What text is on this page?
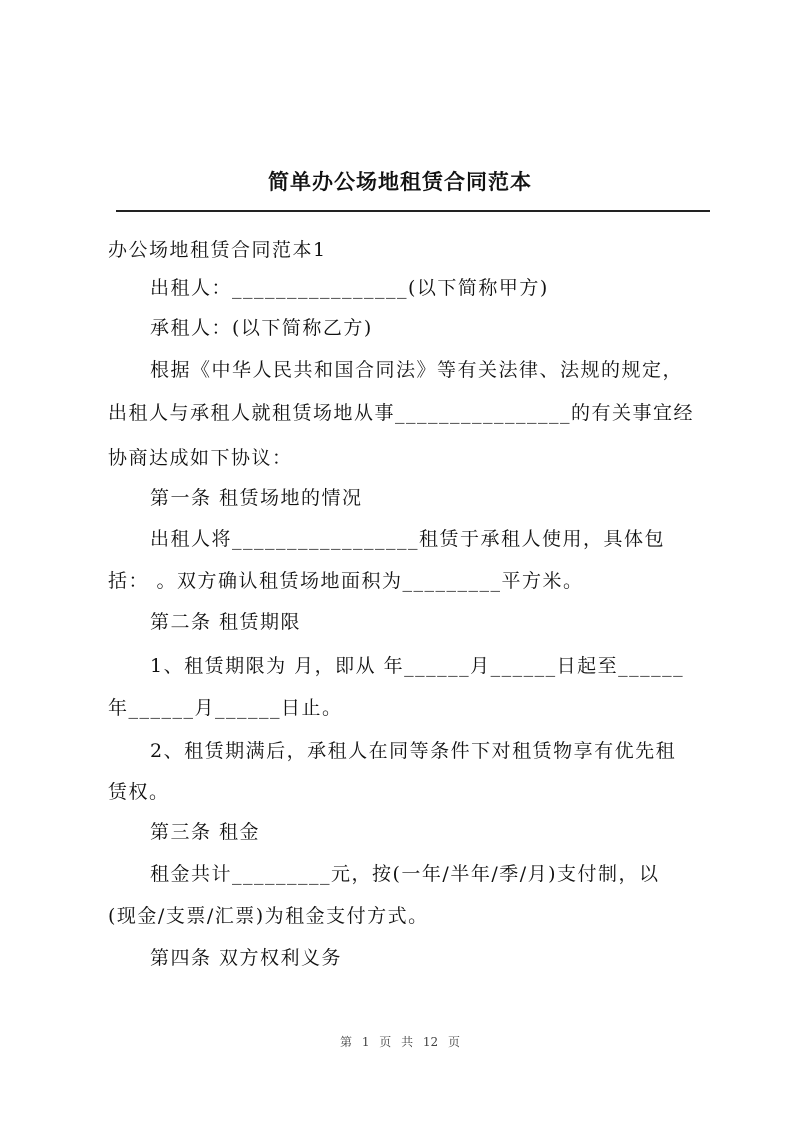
简单办公场地租赁合同范本
办公场地租赁合同范本1
出租人：________________(以下简称甲方)
承租人：(以下简称乙方)
根据《中华人民共和国合同法》等有关法律、法规的规定，
出租人与承租人就租赁场地从事________________的有关事宜经
协商达成如下协议：
第一条 租赁场地的情况
出租人将_________________租赁于承租人使用，具体包
括： 。双方确认租赁场地面积为_________平方米。
第二条 租赁期限
1、租赁期限为 月，即从 年______月______日起至______
年______月______日止。
2、租赁期满后，承租人在同等条件下对租赁物享有优先租
赁权。
第三条 租金
租金共计_________元，按(一年/半年/季/月)支付制，以
(现金/支票/汇票)为租金支付方式。
第四条 双方权利义务
第 1 页 共 12 页
